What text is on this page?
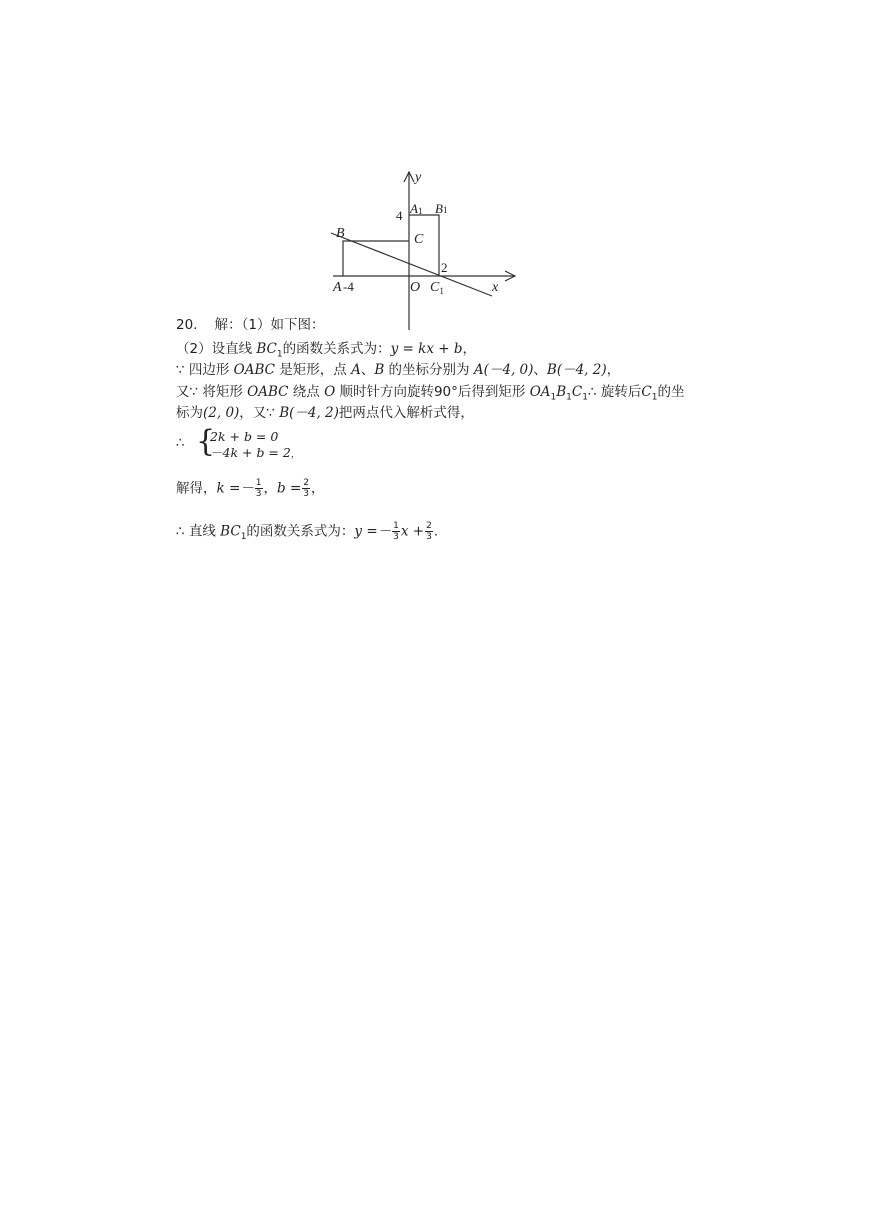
y
x
O
B	C
A -4
4
2
A1 B1
$C_1$
20. 解：（1）如下图：
（2）设直线 $BC_1$的函数关系式为：y = kx + b，
∵ 四边形 OABC 是矩形，点 A、B 的坐标分别为 A(－4, 0)、B(－4, 2)，
又∵ 将矩形 OABC 绕点 O 顺时针方向旋转90°后得到矩形 $OA_1B_1C_1\therefore$ 旋转后$C_1$的坐
标为(2, 0)，又∵ B(－4, 2)把两点代入解析式得，
∴ {
2k + b = 0
－4k + b = 2，
解得，$k =- \frac{1}{3}$ ，$b = \frac{2}{3}$ ，
∴ 直线 $BC_1$的函数关系式为：$y =- \frac{1}{3}$ $x + \frac{2}{3}$ .
